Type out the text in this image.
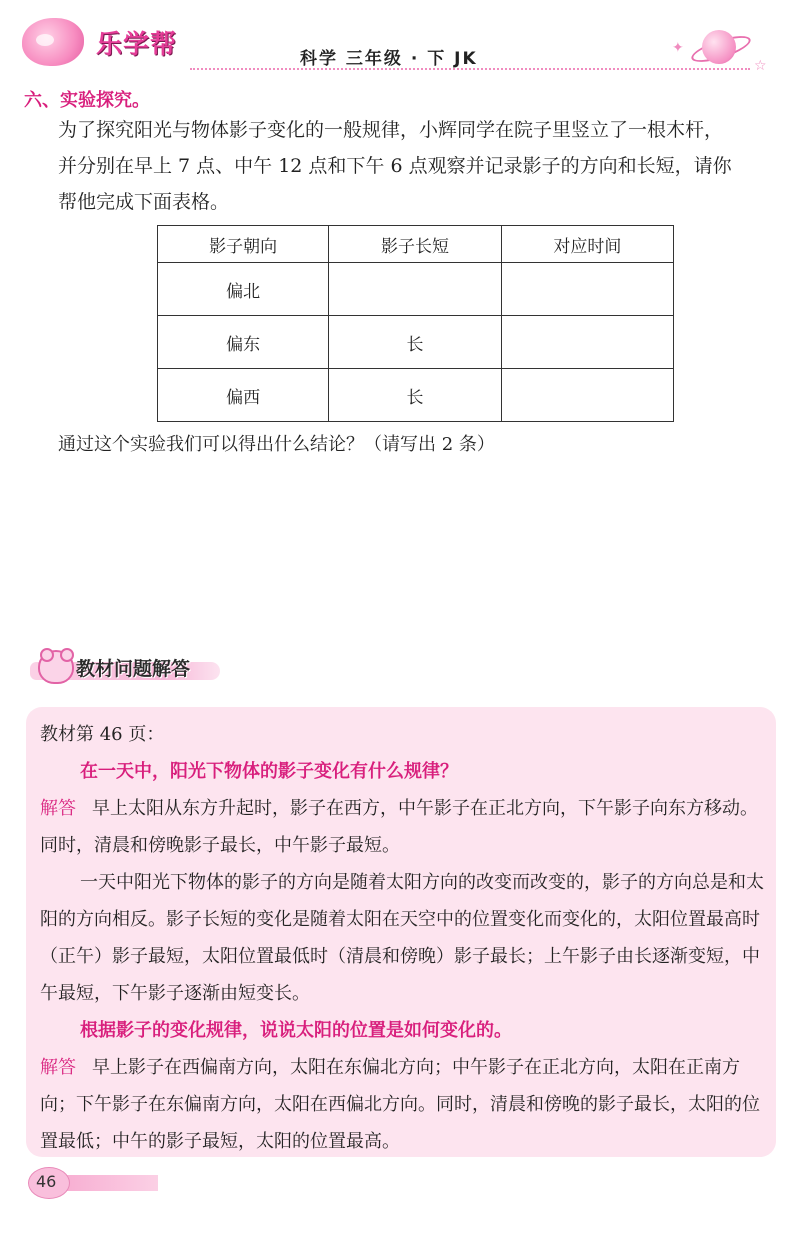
乐学帮	科学 三年级 · 下 JK
✦
☆
六、实验探究。

为了探究阳光与物体影子变化的一般规律，小辉同学在院子里竖立了一根木杆，

并分别在早上 7 点、中午 12 点和下午 6 点观察并记录影子的方向和长短，请你

帮他完成下面表格。

影子朝向	影子长短	对应时间
偏北		
偏东	长	
偏西	长	
通过这个实验我们可以得出什么结论？（请写出 2 条）
教材问题解答

教材第 46 页：

在一天中，阳光下物体的影子变化有什么规律？

解答 早上太阳从东方升起时，影子在西方，中午影子在正北方向，下午影子向东方移动。同时，清晨和傍晚影子最长，中午影子最短。

一天中阳光下物体的影子的方向是随着太阳方向的改变而改变的，影子的方向总是和太阳的方向相反。影子长短的变化是随着太阳在天空中的位置变化而变化的，太阳位置最高时（正午）影子最短，太阳位置最低时（清晨和傍晚）影子最长；上午影子由长逐渐变短，中午最短，下午影子逐渐由短变长。

根据影子的变化规律，说说太阳的位置是如何变化的。

解答 早上影子在西偏南方向，太阳在东偏北方向；中午影子在正北方向，太阳在正南方向；下午影子在东偏南方向，太阳在西偏北方向。同时，清晨和傍晚的影子最长，太阳的位置最低；中午的影子最短，太阳的位置最高。

46
